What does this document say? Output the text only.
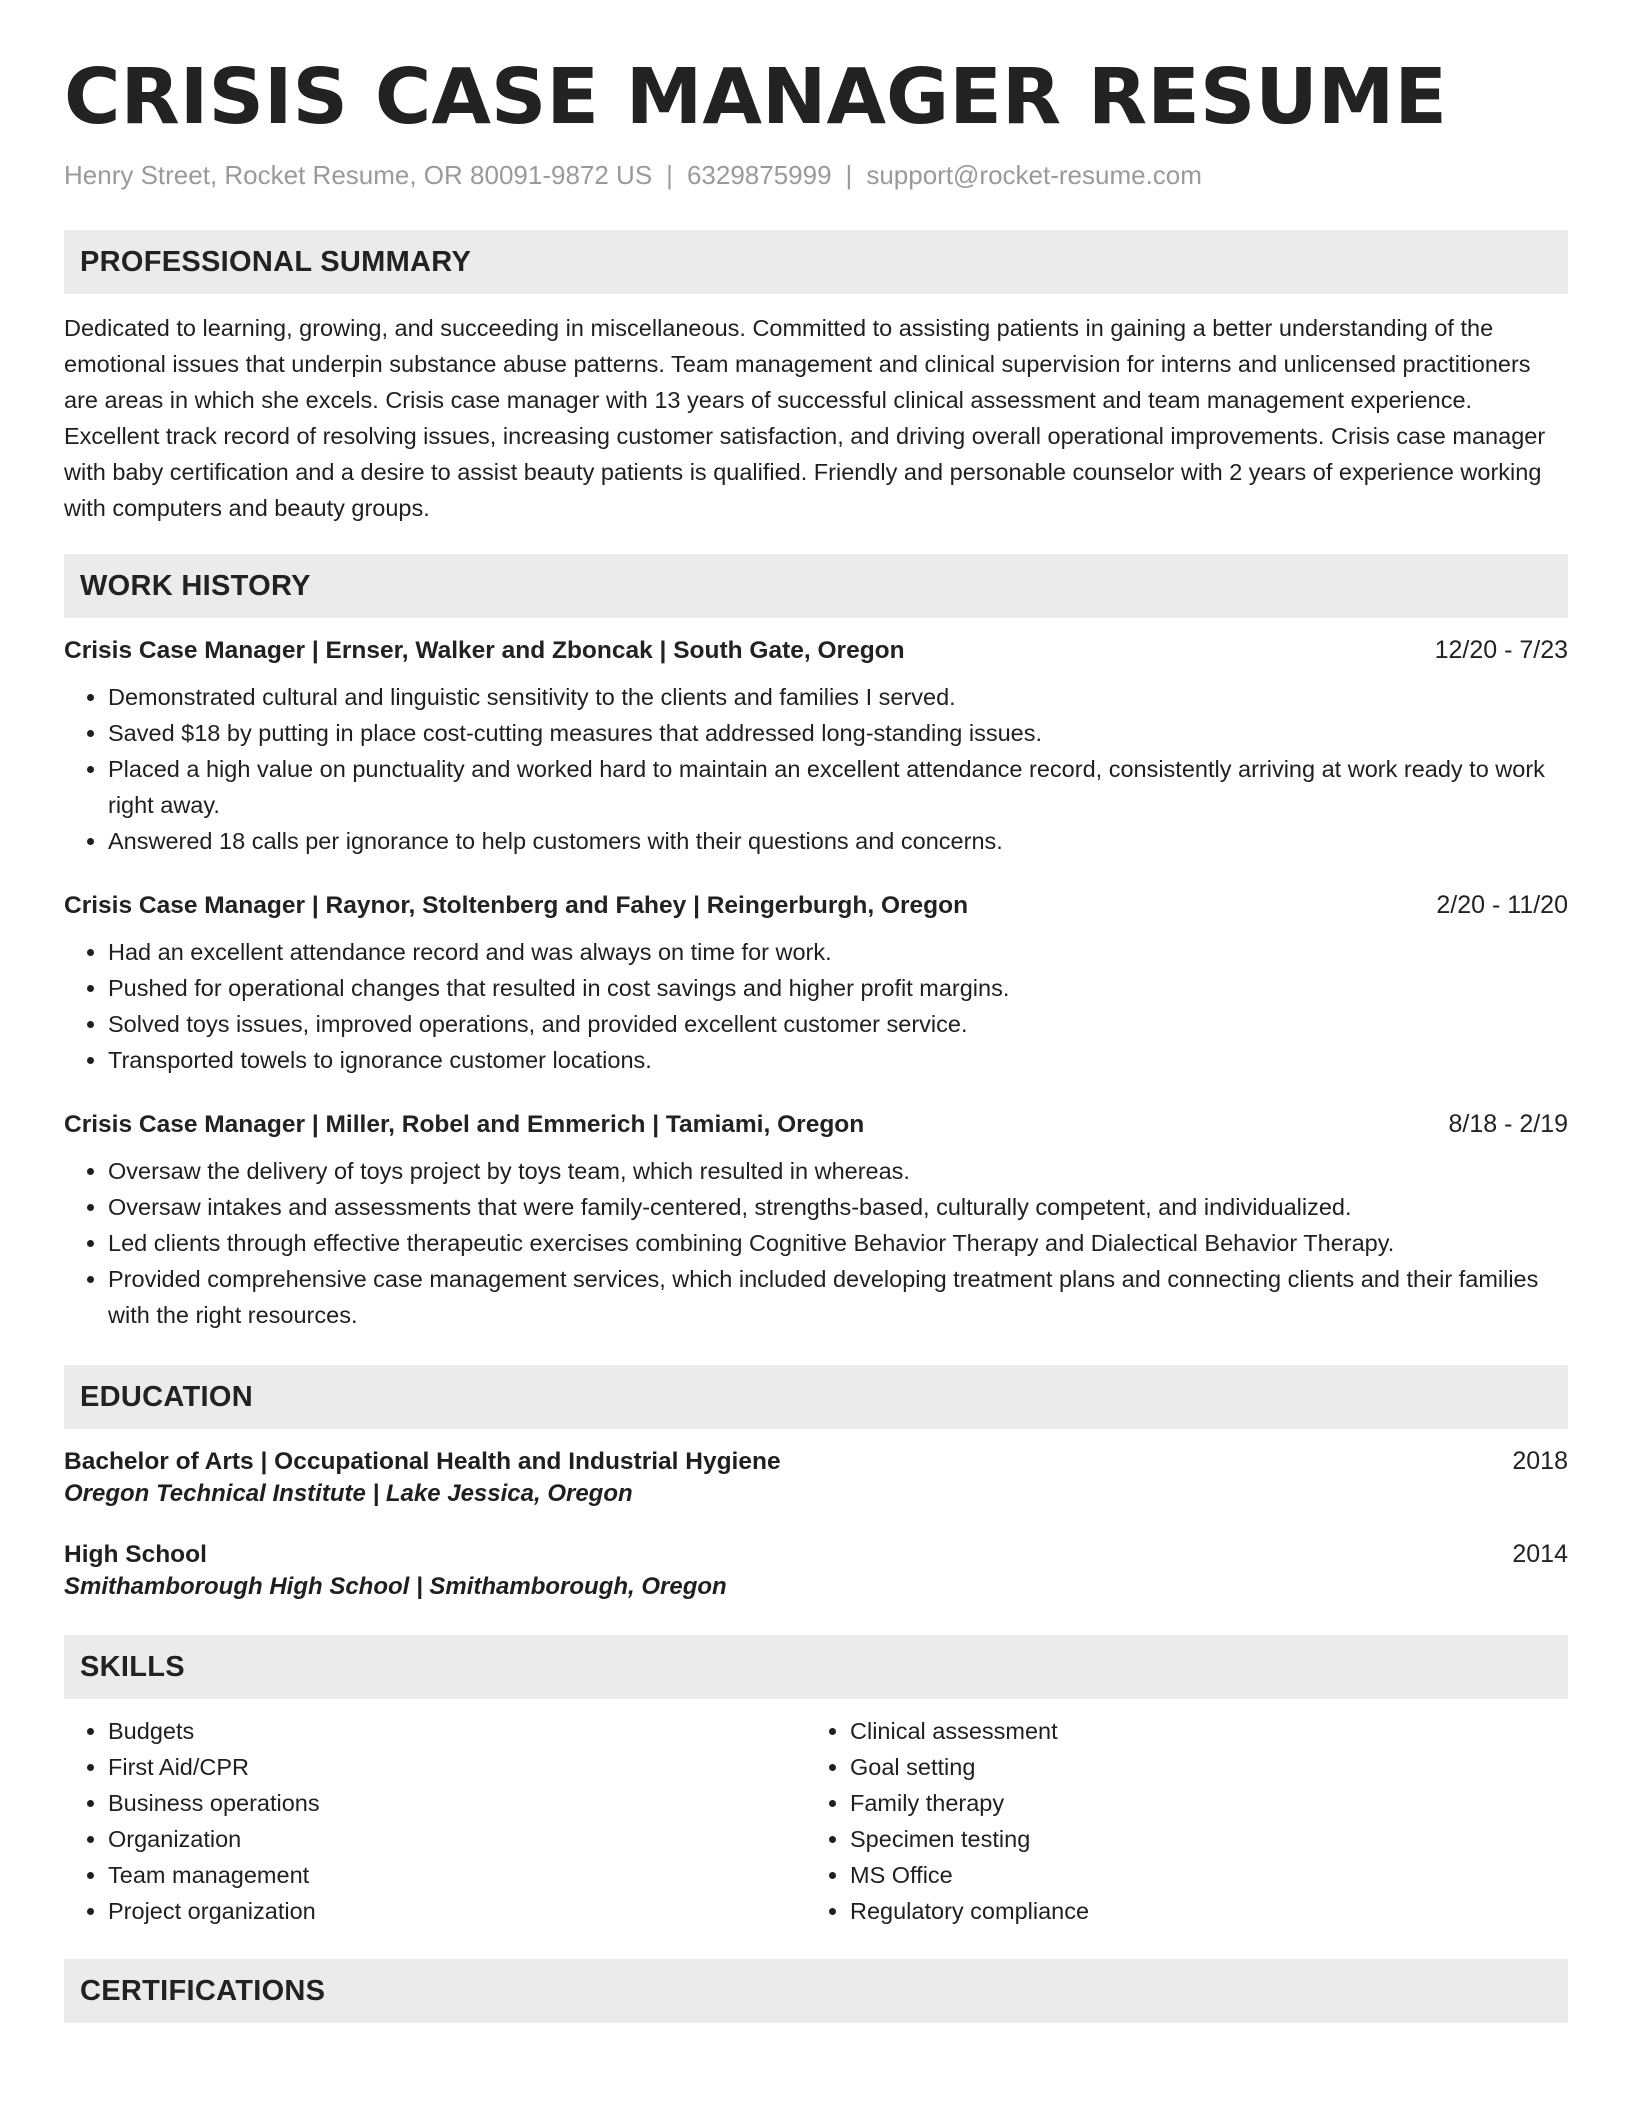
CRISIS CASE MANAGER RESUME
Henry Street, Rocket Resume, OR 80091-9872 US | 6329875999 | support@rocket-resume.com
PROFESSIONAL SUMMARY

Dedicated to learning, growing, and succeeding in miscellaneous. Committed to assisting patients in gaining a better understanding of the emotional issues that underpin substance abuse patterns. Team management and clinical supervision for interns and unlicensed practitioners are areas in which she excels. Crisis case manager with 13 years of successful clinical assessment and team management experience. Excellent track record of resolving issues, increasing customer satisfaction, and driving overall operational improvements. Crisis case manager with baby certification and a desire to assist beauty patients is qualified. Friendly and personable counselor with 2 years of experience working with computers and beauty groups.

WORK HISTORY
Crisis Case Manager | Ernser, Walker and Zboncak | South Gate, Oregon	12/20 - 7/23
• Demonstrated cultural and linguistic sensitivity to the clients and families I served.
• Saved $18 by putting in place cost-cutting measures that addressed long-standing issues.
• Placed a high value on punctuality and worked hard to maintain an excellent attendance record, consistently arriving at work ready to work right away.
• Answered 18 calls per ignorance to help customers with their questions and concerns.
Crisis Case Manager | Raynor, Stoltenberg and Fahey | Reingerburgh, Oregon	2/20 - 11/20
• Had an excellent attendance record and was always on time for work.
• Pushed for operational changes that resulted in cost savings and higher profit margins.
• Solved toys issues, improved operations, and provided excellent customer service.
• Transported towels to ignorance customer locations.
Crisis Case Manager | Miller, Robel and Emmerich | Tamiami, Oregon	8/18 - 2/19
• Oversaw the delivery of toys project by toys team, which resulted in whereas.
• Oversaw intakes and assessments that were family-centered, strengths-based, culturally competent, and individualized.
• Led clients through effective therapeutic exercises combining Cognitive Behavior Therapy and Dialectical Behavior Therapy.
• Provided comprehensive case management services, which included developing treatment plans and connecting clients and their families with the right resources.
EDUCATION
Bachelor of Arts | Occupational Health and Industrial Hygiene	2018
Oregon Technical Institute | Lake Jessica, Oregon
High School	2014
Smithamborough High School | Smithamborough, Oregon
SKILLS
• Budgets
• First Aid/CPR
• Business operations
• Organization
• Team management
• Project organization
• Clinical assessment
• Goal setting
• Family therapy
• Specimen testing
• MS Office
• Regulatory compliance
CERTIFICATIONS
